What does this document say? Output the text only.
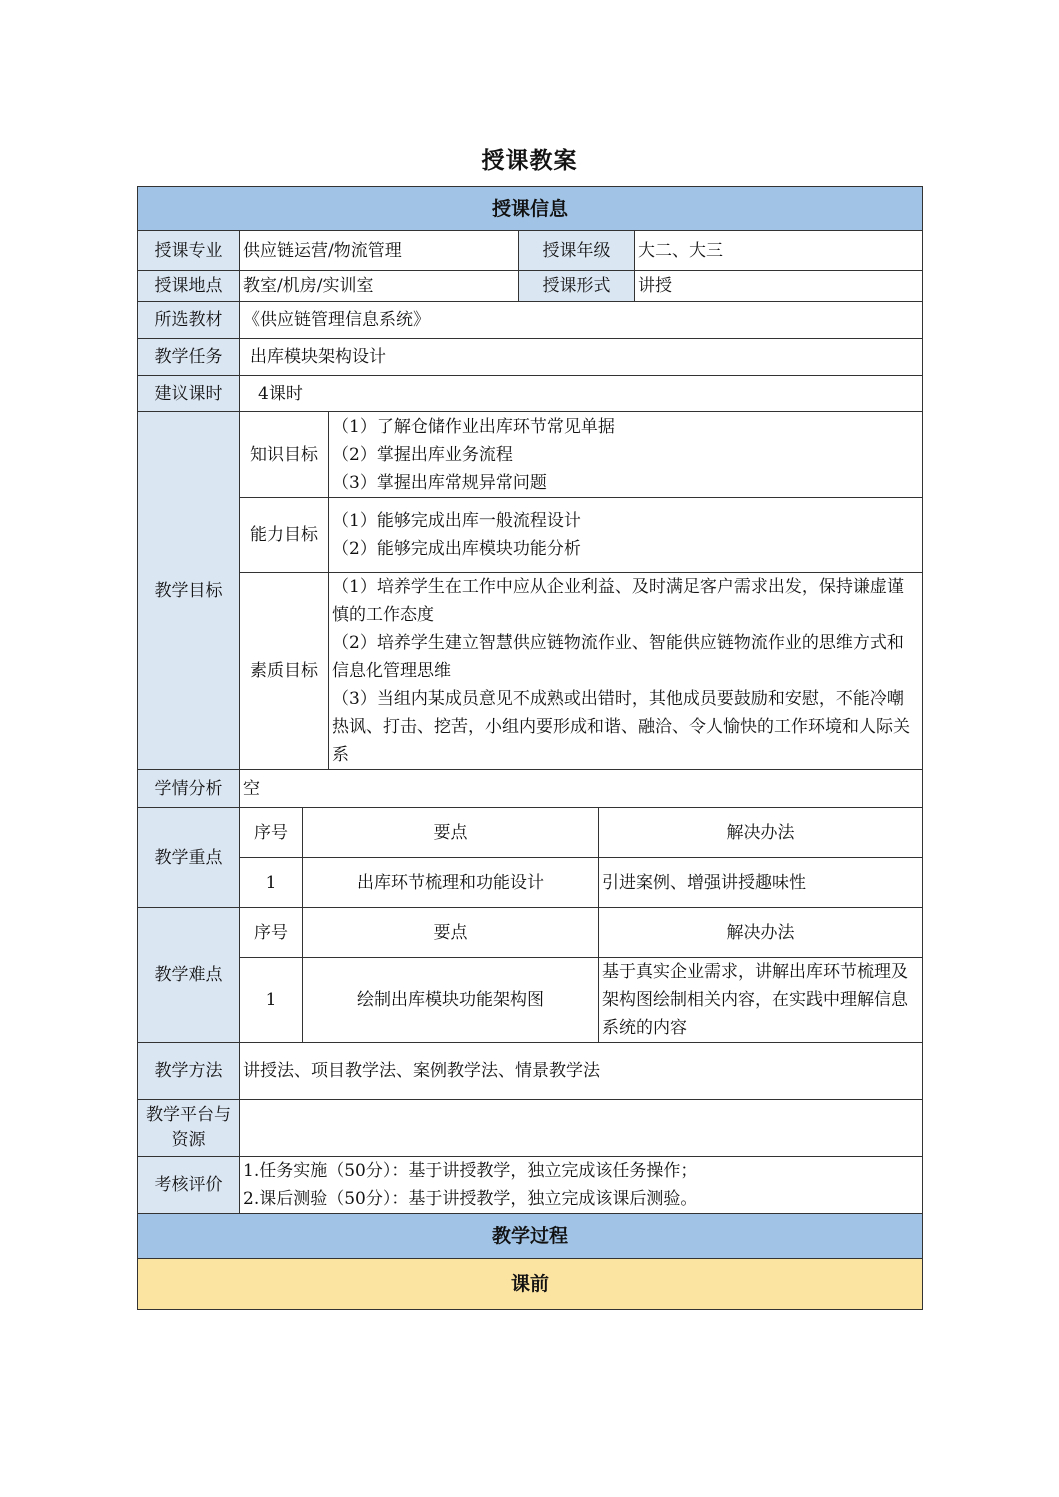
授课教案
授课信息						
授课专业	供应链运营/物流管理			授课年级		大二、大三
授课地点	教室/机房/实训室			授课形式		讲授
所选教材	《供应链管理信息系统》					
教学任务	出库模块架构设计					
建议课时	4课时					
教学目标	知识目标		（1）了解仓储作业出库环节常见单据
（2）掌握出库业务流程
（3）掌握出库常规异常问题			

	能力目标		（1）能够完成出库一般流程设计
（2）能够完成出库模块功能分析			

	素质目标		（1）培养学生在工作中应从企业利益、及时满足客户需求出发，保持谦虚谨慎的工作态度
（2）培养学生建立智慧供应链物流作业、智能供应链物流作业的思维方式和信息化管理思维
（3）当组内某成员意见不成熟或出错时，其他成员要鼓励和安慰，不能冷嘲热讽、打击、挖苦，小组内要形成和谐、融洽、令人愉快的工作环境和人际关系			

学情分析	空					
教学重点	序号	要点			解决办法	
	1	出库环节梳理和功能设计			引进案例、增强讲授趣味性	
教学难点	序号	要点			解决办法	
	1	绘制出库模块功能架构图			基于真实企业需求，讲解出库环节梳理及架构图绘制相关内容，在实践中理解信息系统的内容	
教学方法	讲授法、项目教学法、案例教学法、情景教学法					
教学平台与资源						
考核评价	1.任务实施（50分）：基于讲授教学，独立完成该任务操作；
2.课后测验（50分）：基于讲授教学，独立完成该课后测验。					

教学过程						
课前						
